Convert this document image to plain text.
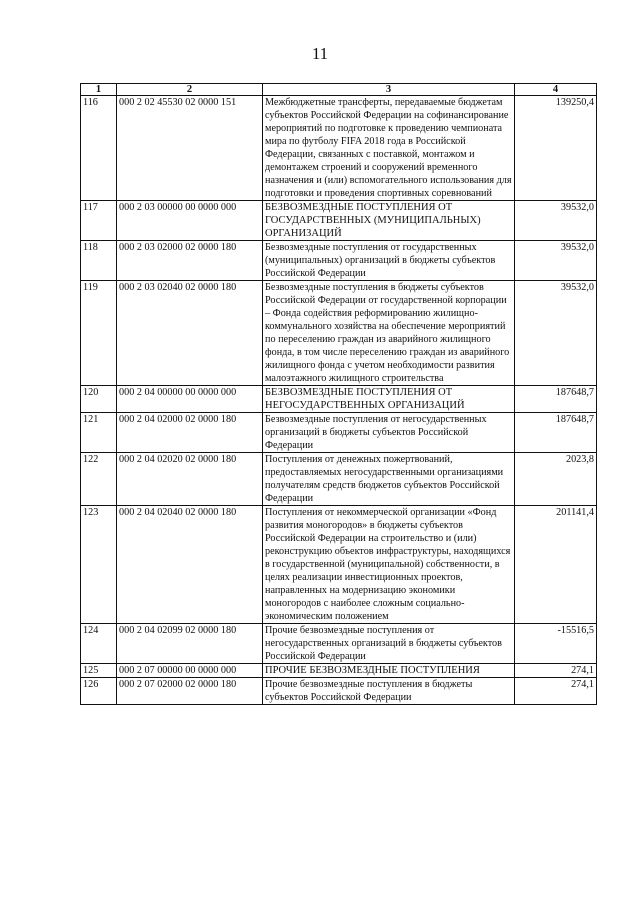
11
1	2	3	4
116	000 2 02 45530 02 0000 151	Межбюджетные трансферты, передаваемые бюджетам субъектов Российской Федерации на софинансирование мероприятий по подготовке к проведению чемпионата мира по футболу FIFA 2018 года в Российской Федерации, связанных с поставкой, монтажом и демонтажем строений и сооружений временного назначения и (или) вспомогательного использования для подготовки и проведения спортивных соревнований	139250,4
117	000 2 03 00000 00 0000 000	БЕЗВОЗМЕЗДНЫЕ ПОСТУПЛЕНИЯ ОТ ГОСУДАРСТВЕННЫХ (МУНИЦИПАЛЬНЫХ) ОРГАНИЗАЦИЙ	39532,0
118	000 2 03 02000 02 0000 180	Безвозмездные поступления от государственных (муниципальных) организаций в бюджеты субъектов Российской Федерации	39532,0
119	000 2 03 02040 02 0000 180	Безвозмездные поступления в бюджеты субъектов Российской Федерации от государственной корпорации – Фонда содействия реформированию жилищно-коммунального хозяйства на обеспечение мероприятий по переселению граждан из аварийного жилищного фонда, в том числе переселению граждан из аварийного жилищного фонда с учетом необходимости развития малоэтажного жилищного строительства	39532,0
120	000 2 04 00000 00 0000 000	БЕЗВОЗМЕЗДНЫЕ ПОСТУПЛЕНИЯ ОТ НЕГОСУДАРСТВЕННЫХ ОРГАНИЗАЦИЙ	187648,7
121	000 2 04 02000 02 0000 180	Безвозмездные поступления от негосударственных организаций в бюджеты субъектов Российской Федерации	187648,7
122	000 2 04 02020 02 0000 180	Поступления от денежных пожертвований, предоставляемых негосударственными организациями получателям средств бюджетов субъектов Российской Федерации	2023,8
123	000 2 04 02040 02 0000 180	Поступления от некоммерческой организации «Фонд развития моногородов» в бюджеты субъектов Российской Федерации на строительство и (или) реконструкцию объектов инфраструктуры, находящихся в государственной (муниципальной) собственности, в целях реализации инвестиционных проектов, направленных на модернизацию экономики моногородов с наиболее сложным социально-экономическим положением	201141,4
124	000 2 04 02099 02 0000 180	Прочие безвозмездные поступления от негосударственных организаций в бюджеты субъектов Российской Федерации	-15516,5
125	000 2 07 00000 00 0000 000	ПРОЧИЕ БЕЗВОЗМЕЗДНЫЕ ПОСТУПЛЕНИЯ	274,1
126	000 2 07 02000 02 0000 180	Прочие безвозмездные поступления в бюджеты субъектов Российской Федерации	274,1
